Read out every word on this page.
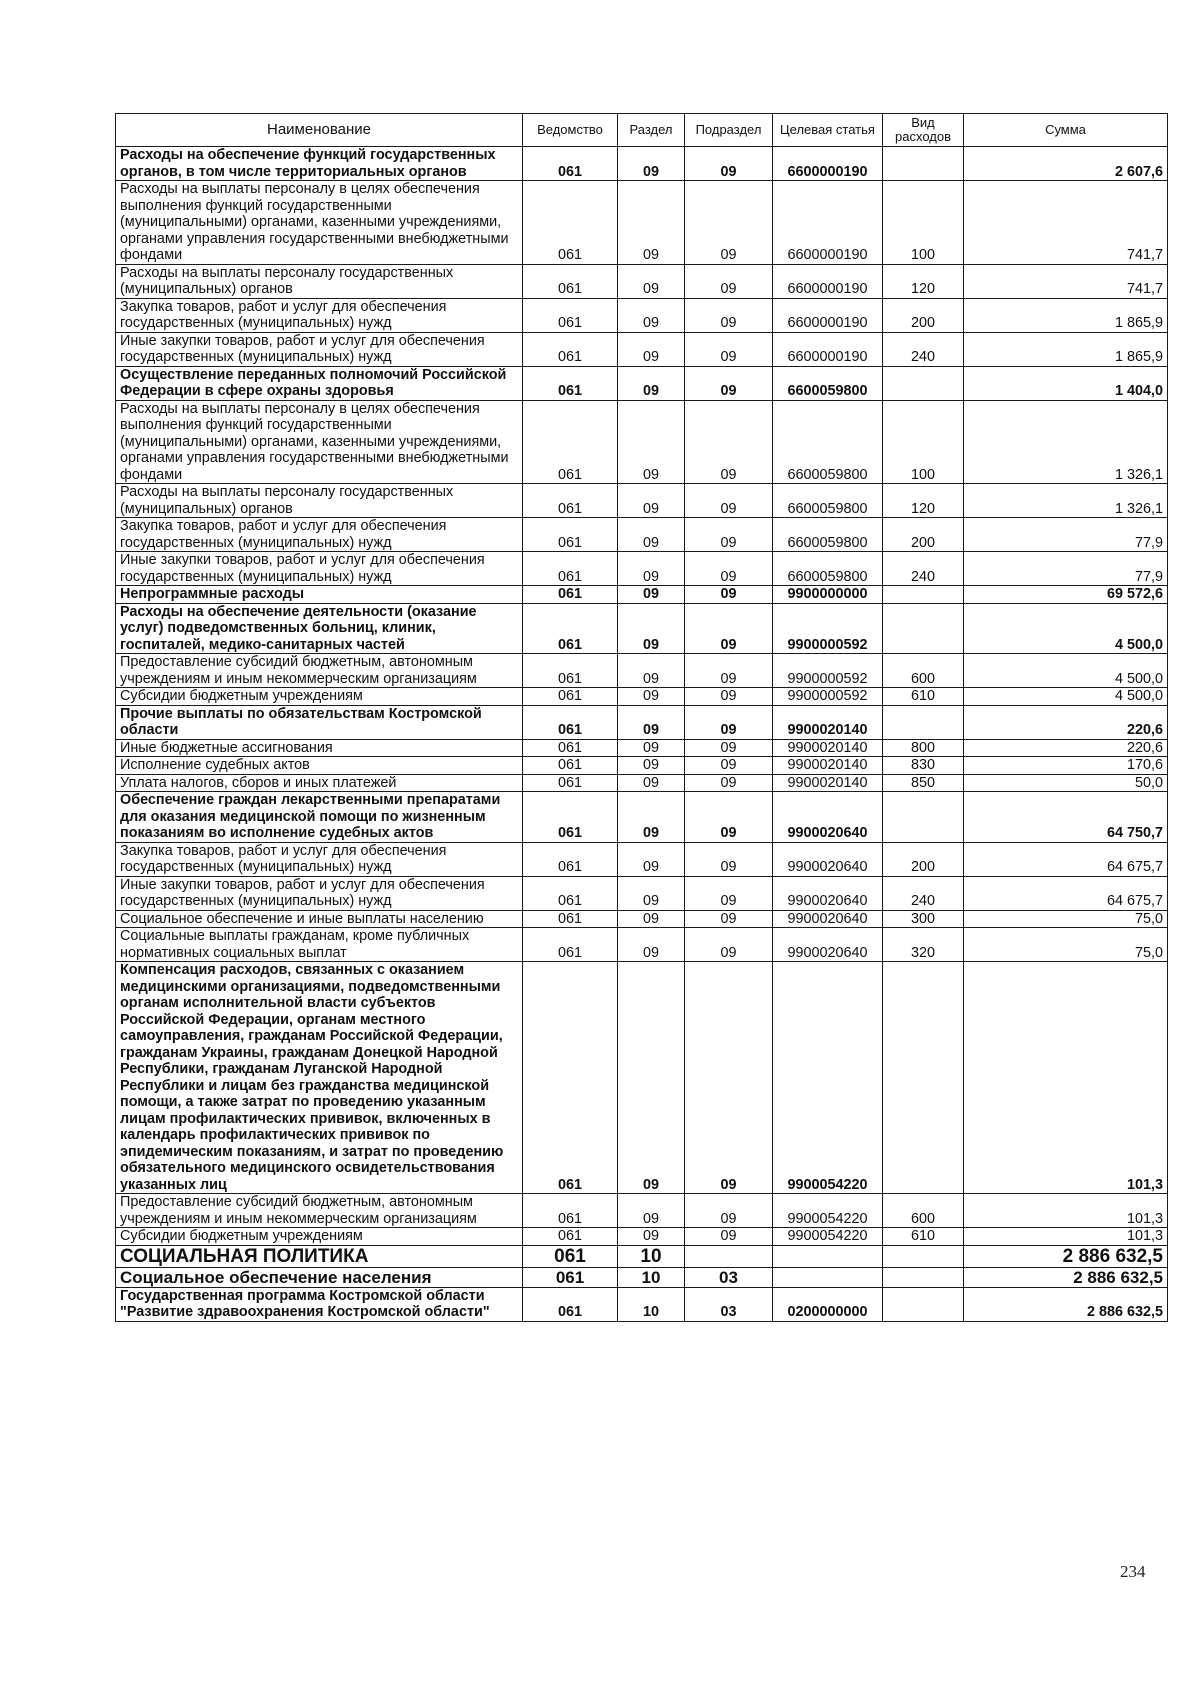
Наименование	Ведомство	Раздел	Подраздел	Целевая статья	Вид расходов	Сумма
Расходы на обеспечение функций государственных органов, в том числе территориальных органов	061	09	09	6600000190		2 607,6
Расходы на выплаты персоналу в целях обеспечения выполнения функций государственными (муниципальными) органами, казенными учреждениями, органами управления государственными внебюджетными фондами	061	09	09	6600000190	100	741,7
Расходы на выплаты персоналу государственных (муниципальных) органов	061	09	09	6600000190	120	741,7
Закупка товаров, работ и услуг для обеспечения государственных (муниципальных) нужд	061	09	09	6600000190	200	1 865,9
Иные закупки товаров, работ и услуг для обеспечения государственных (муниципальных) нужд	061	09	09	6600000190	240	1 865,9
Осуществление переданных полномочий Российской Федерации в сфере охраны здоровья	061	09	09	6600059800		1 404,0
Расходы на выплаты персоналу в целях обеспечения выполнения функций государственными (муниципальными) органами, казенными учреждениями, органами управления государственными внебюджетными фондами	061	09	09	6600059800	100	1 326,1
Расходы на выплаты персоналу государственных (муниципальных) органов	061	09	09	6600059800	120	1 326,1
Закупка товаров, работ и услуг для обеспечения государственных (муниципальных) нужд	061	09	09	6600059800	200	77,9
Иные закупки товаров, работ и услуг для обеспечения государственных (муниципальных) нужд	061	09	09	6600059800	240	77,9
Непрограммные расходы	061	09	09	9900000000		69 572,6
Расходы на обеспечение деятельности (оказание услуг) подведомственных больниц, клиник, госпиталей, медико-санитарных частей	061	09	09	9900000592		4 500,0
Предоставление субсидий бюджетным, автономным учреждениям и иным некоммерческим организациям	061	09	09	9900000592	600	4 500,0
Субсидии бюджетным учреждениям	061	09	09	9900000592	610	4 500,0
Прочие выплаты по обязательствам Костромской области	061	09	09	9900020140		220,6
Иные бюджетные ассигнования	061	09	09	9900020140	800	220,6
Исполнение судебных актов	061	09	09	9900020140	830	170,6
Уплата налогов, сборов и иных платежей	061	09	09	9900020140	850	50,0
Обеспечение граждан лекарственными препаратами для оказания медицинской помощи по жизненным показаниям во исполнение судебных актов	061	09	09	9900020640		64 750,7
Закупка товаров, работ и услуг для обеспечения государственных (муниципальных) нужд	061	09	09	9900020640	200	64 675,7
Иные закупки товаров, работ и услуг для обеспечения государственных (муниципальных) нужд	061	09	09	9900020640	240	64 675,7
Социальное обеспечение и иные выплаты населению	061	09	09	9900020640	300	75,0
Социальные выплаты гражданам, кроме публичных нормативных социальных выплат	061	09	09	9900020640	320	75,0
Компенсация расходов, связанных с оказанием медицинскими организациями, подведомственными органам исполнительной власти субъектов Российской Федерации, органам местного самоуправления, гражданам Российской Федерации, гражданам Украины, гражданам Донецкой Народной Республики, гражданам Луганской Народной Республики и лицам без гражданства медицинской помощи, а также затрат по проведению указанным лицам профилактических прививок, включенных в календарь профилактических прививок по эпидемическим показаниям, и затрат по проведению обязательного медицинского освидетельствования указанных лиц	061	09	09	9900054220		101,3
Предоставление субсидий бюджетным, автономным учреждениям и иным некоммерческим организациям	061	09	09	9900054220	600	101,3
Субсидии бюджетным учреждениям	061	09	09	9900054220	610	101,3
СОЦИАЛЬНАЯ ПОЛИТИКА	061	10				2 886 632,5
Социальное обеспечение населения	061	10	03			2 886 632,5
Государственная программа Костромской области "Развитие здравоохранения Костромской области"	061	10	03	0200000000		2 886 632,5
234
